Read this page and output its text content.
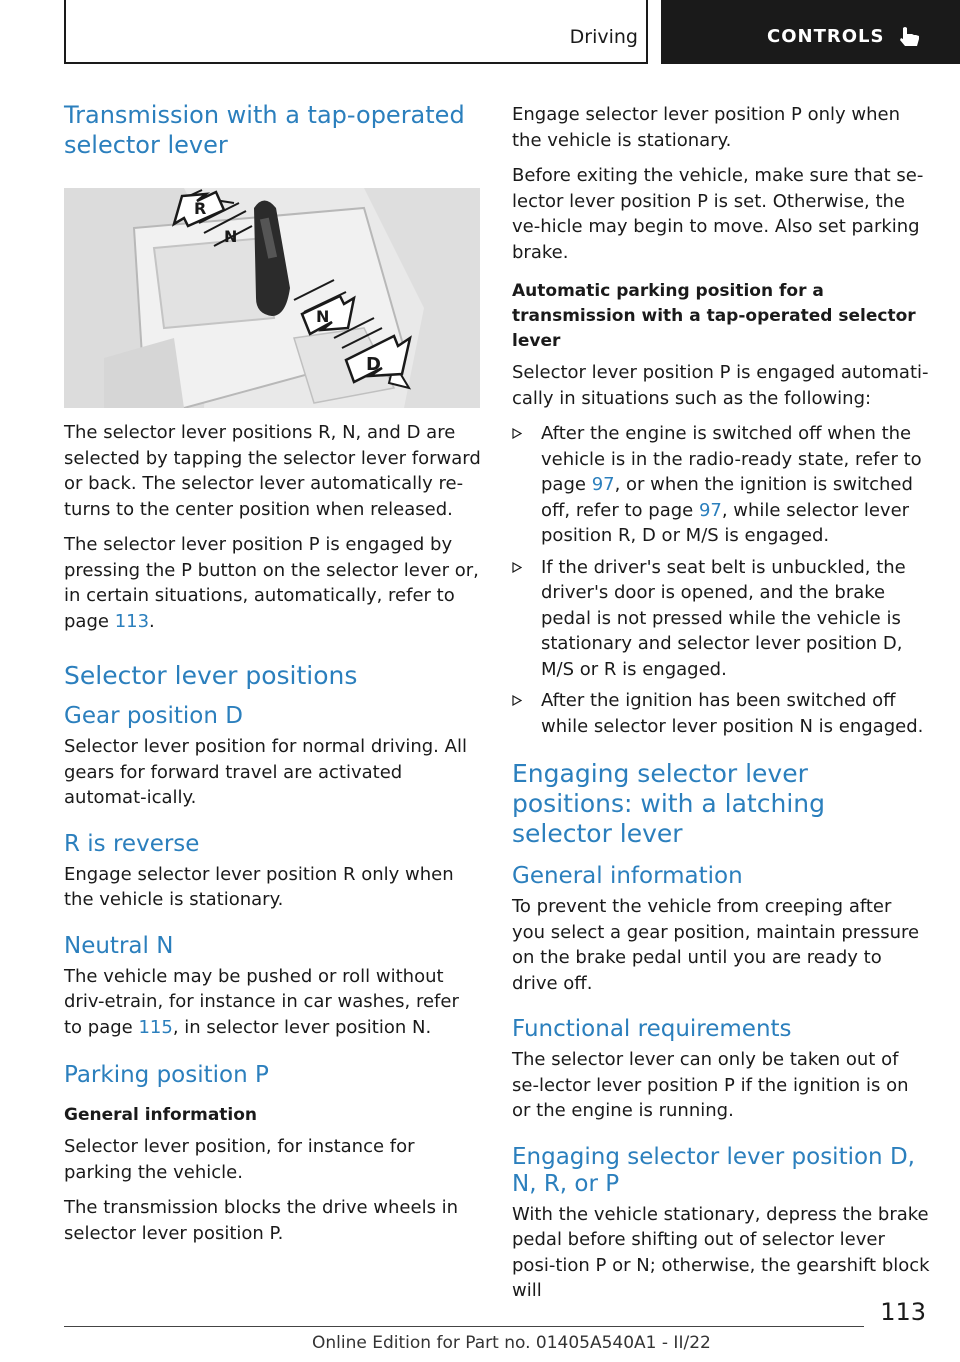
Driving	CONTROLS
Transmission with a tap-operated selector lever
R
N
N
D

The selector lever positions R, N, and D are selected by tapping the selector lever forward or back. The selector lever automatically re-turns to the center position when released.

The selector lever position P is engaged by pressing the P button on the selector lever or, in certain situations, automatically, refer to page 113.

Selector lever positions
Gear position D

Selector lever position for normal driving. All gears for forward travel are activated automat-ically.

R is reverse

Engage selector lever position R only when the vehicle is stationary.

Neutral N

The vehicle may be pushed or roll without driv-etrain, for instance in car washes, refer to page 115, in selector lever position N.

Parking position P
General information

Selector lever position, for instance for parking the vehicle.

The transmission blocks the drive wheels in selector lever position P.

Engage selector lever position P only when the vehicle is stationary.

Before exiting the vehicle, make sure that se-lector lever position P is set. Otherwise, the ve-hicle may begin to move. Also set parking brake.

Automatic parking position for a transmission with a tap-operated selector lever

Selector lever position P is engaged automati-cally in situations such as the following:

After the engine is switched off when the vehicle is in the radio-ready state, refer to page 97, or when the ignition is switched off, refer to page 97, while selector lever position R, D or M/S is engaged.
If the driver's seat belt is unbuckled, the driver's door is opened, and the brake pedal is not pressed while the vehicle is stationary and selector lever position D, M/S or R is engaged.
After the ignition has been switched off while selector lever position N is engaged.
Engaging selector lever positions: with a latching selector lever
General information

To prevent the vehicle from creeping after you select a gear position, maintain pressure on the brake pedal until you are ready to drive off.

Functional requirements

The selector lever can only be taken out of se-lector lever position P if the ignition is on or the engine is running.

Engaging selector lever position D, N, R, or P

With the vehicle stationary, depress the brake pedal before shifting out of selector lever posi-tion P or N; otherwise, the gearshift block will

113
Online Edition for Part no. 01405A540A1 - II/22
